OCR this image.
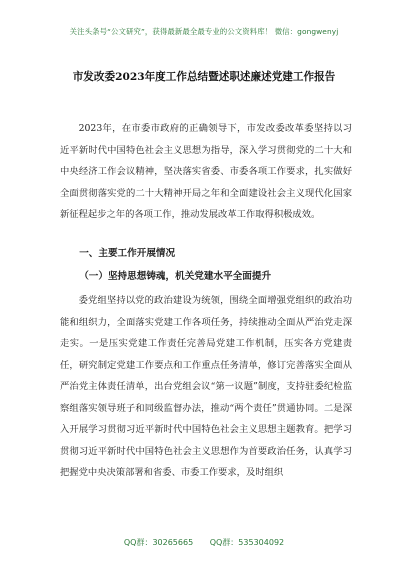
关注头条号“公文研究”，获得最新最全最专业的公文资料库！ 微信：gongwenyj
市发改委2023年度工作总结暨述职述廉述党建工作报告
2023年，在市委市政府的正确领导下，市发改委改革委坚持以习近平新时代中国特色社会主义思想为指导，深入学习贯彻党的二十大和中央经济工作会议精神，坚决落实省委、市委各项工作要求，扎实做好全面贯彻落实党的二十大精神开局之年和全面建设社会主义现代化国家新征程起步之年的各项工作，推动发展改革工作取得积极成效。
一、主要工作开展情况
（一）坚持思想铸魂，机关党建水平全面提升
委党组坚持以党的政治建设为统领，围绕全面增强党组织的政治功能和组织力，全面落实党建工作各项任务，持续推动全面从严治党走深走实。一是压实党建工作责任完善局党建工作机制，压实各方党建责任，研究制定党建工作要点和工作重点任务清单，修订完善落实全面从严治党主体责任清单，出台党组会议“第一议题”制度，支持驻委纪检监察组落实领导班子和同级监督办法，推动“两个责任”贯通协同。二是深入开展学习贯彻习近平新时代中国特色社会主义思想主题教育。把学习贯彻习近平新时代中国特色社会主义思想作为首要政治任务，认真学习把握党中央决策部署和省委、市委工作要求，及时组织
QQ群：30265665 QQ群：535304092
